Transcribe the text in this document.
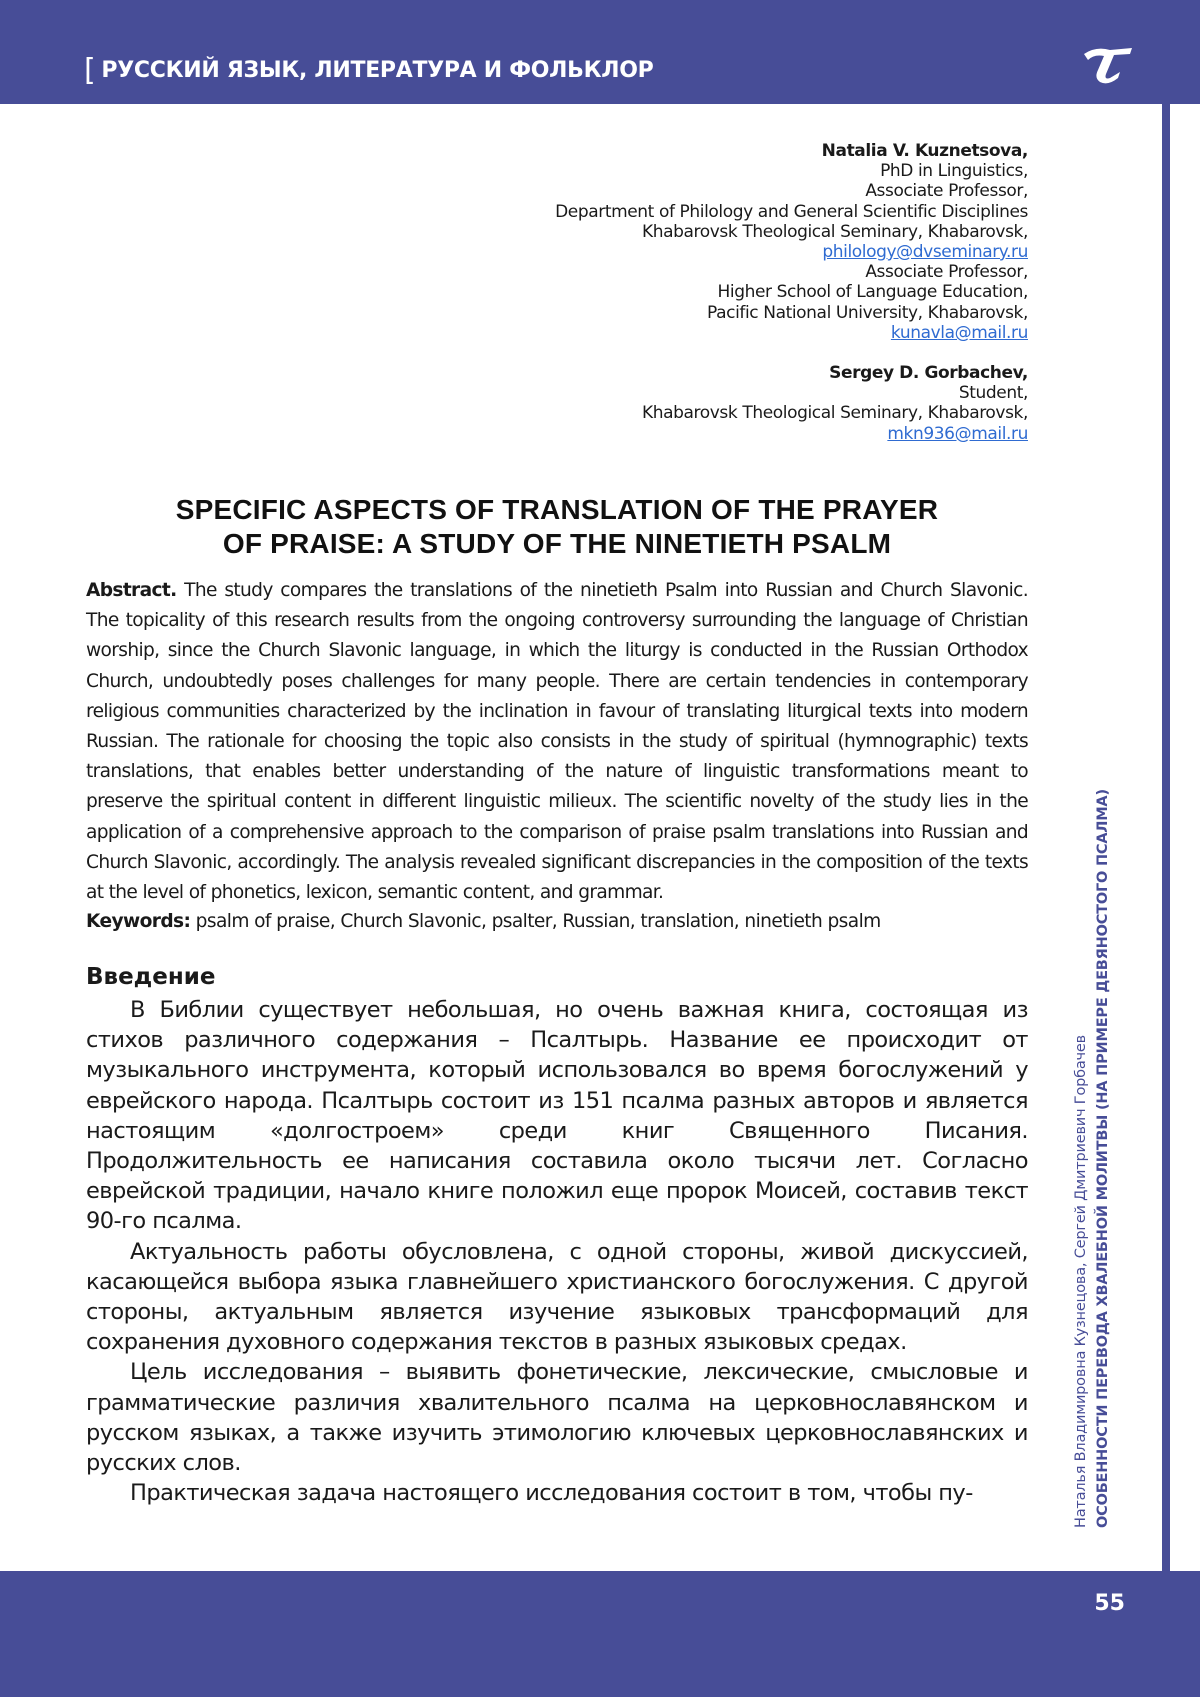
[ РУССКИЙ ЯЗЫК, ЛИТЕРАТУРА И ФОЛЬКЛОР
Natalia V. Kuznetsova,
PhD in Linguistics,
Associate Professor,
Department of Philology and General Scientific Disciplines
Khabarovsk Theological Seminary, Khabarovsk,
philology@dvseminary.ru
Associate Professor,
Higher School of Language Education,
Pacific National University, Khabarovsk,
kunavla@mail.ru
Sergey D. Gorbachev,
Student,
Khabarovsk Theological Seminary, Khabarovsk,
mkn936@mail.ru
SPECIFIC ASPECTS OF TRANSLATION OF THE PRAYER
OF PRAISE: A STUDY OF THE NINETIETH PSALM
Abstract. The study compares the translations of the ninetieth Psalm into Russian and Church Slavonic. The topicality of this research results from the ongoing controversy surrounding the language of Christian worship, since the Church Slavonic language, in which the liturgy is conducted in the Russian Orthodox Church, undoubtedly poses challenges for many people. There are certain tendencies in contemporary religious communities characterized by the inclination in favour of translating liturgical texts into modern Russian. The rationale for choosing the topic also consists in the study of spiritual (hymnographic) texts translations, that enables better understanding of the nature of linguistic transformations meant to preserve the spiritual content in different linguistic milieux. The scientific novelty of the study lies in the application of a comprehensive approach to the comparison of praise psalm translations into Russian and Church Slavonic, accordingly. The analysis revealed significant discrepancies in the composition of the texts at the level of phonetics, lexicon, semantic content, and grammar.
Keywords: psalm of praise, Church Slavonic, psalter, Russian, translation, ninetieth psalm
Введение

В Библии существует небольшая, но очень важная книга, состоящая из стихов различного содержания – Псалтырь. Название ее происходит от музыкального инструмента, который использовался во время богослужений у еврейского народа. Псалтырь состоит из 151 псалма разных авторов и является настоящим «долгостроем» среди книг Священного Писания. Продолжительность ее написания составила около тысячи лет. Согласно еврейской традиции, начало книге положил еще пророк Моисей, составив текст 90-го псалма.

Актуальность работы обусловлена, с одной стороны, живой дискуссией, касающейся выбора языка главнейшего христианского богослужения. С другой стороны, актуальным является изучение языковых трансформаций для сохранения духовного содержания текстов в разных языковых средах.

Цель исследования – выявить фонетические, лексические, смысловые и грамматические различия хвалительного псалма на церковнославянском и русском языках, а также изучить этимологию ключевых церковнославянских и русских слов.

Практическая задача настоящего исследования состоит в том, чтобы пу-	Наталья Владимировна Кузнецова, Сергей Дмитриевич Горбачев ОСОБЕННОСТИ ПЕРЕВОДА ХВАЛЕБНОЙ МОЛИТВЫ (НА ПРИМЕРЕ ДЕВЯНОСТОГО ПСАЛМА)
55
